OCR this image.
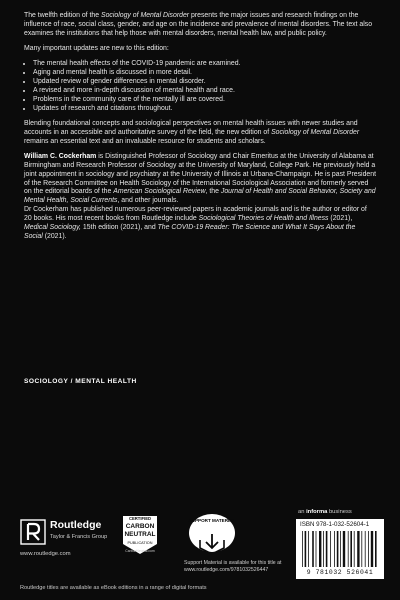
The twelfth edition of the Sociology of Mental Disorder presents the major issues and research findings on the influence of race, social class, gender, and age on the incidence and prevalence of mental disorders. The text also examines the institutions that help those with mental disorders, mental health law, and public policy.

Many important updates are new to this edition:

• The mental health effects of the COVID-19 pandemic are examined.
• Aging and mental health is discussed in more detail.
• Updated review of gender differences in mental disorder.
• A revised and more in-depth discussion of mental health and race.
• Problems in the community care of the mentally ill are covered.
• Updates of research and citations throughout.

Blending foundational concepts and sociological perspectives on mental health issues with newer studies and accounts in an accessible and authoritative survey of the field, the new edition of Sociology of Mental Disorder remains an essential text and an invaluable resource for students and scholars.

William C. Cockerham is Distinguished Professor of Sociology and Chair Emeritus at the University of Alabama at Birmingham and Research Professor of Sociology at the University of Maryland, College Park. He previously held a joint appointment in sociology and psychiatry at the University of Illinois at Urbana-Champaign. He is past President of the Research Committee on Health Sociology of the International Sociological Association and formerly served on the editorial boards of the American Sociological Review, the Journal of Health and Social Behavior, Society and Mental Health, Social Currents, and other journals.

Dr Cockerham has published numerous peer-reviewed papers in academic journals and is the author or editor of 20 books. His most recent books from Routledge include Sociological Theories of Health and Illness (2021), Medical Sociology, 15th edition (2021), and The COVID-19 Reader: The Science and What It Says About the Social (2021).

SOCIOLOGY / MENTAL HEALTH
Routledge
Taylor & Francis Group
www.routledge.com
CERTIFIED
CARBON
NEUTRAL
PUBLICATION
CarbonNeutral.com
SUPPORT MATERIAL
Support Material is available for this title at www.routledge.com/9781032526447
an informa business
ISBN 978-1-032-52604-1
9 781032 526041
Routledge titles are available as eBook editions in a range of digital formats
